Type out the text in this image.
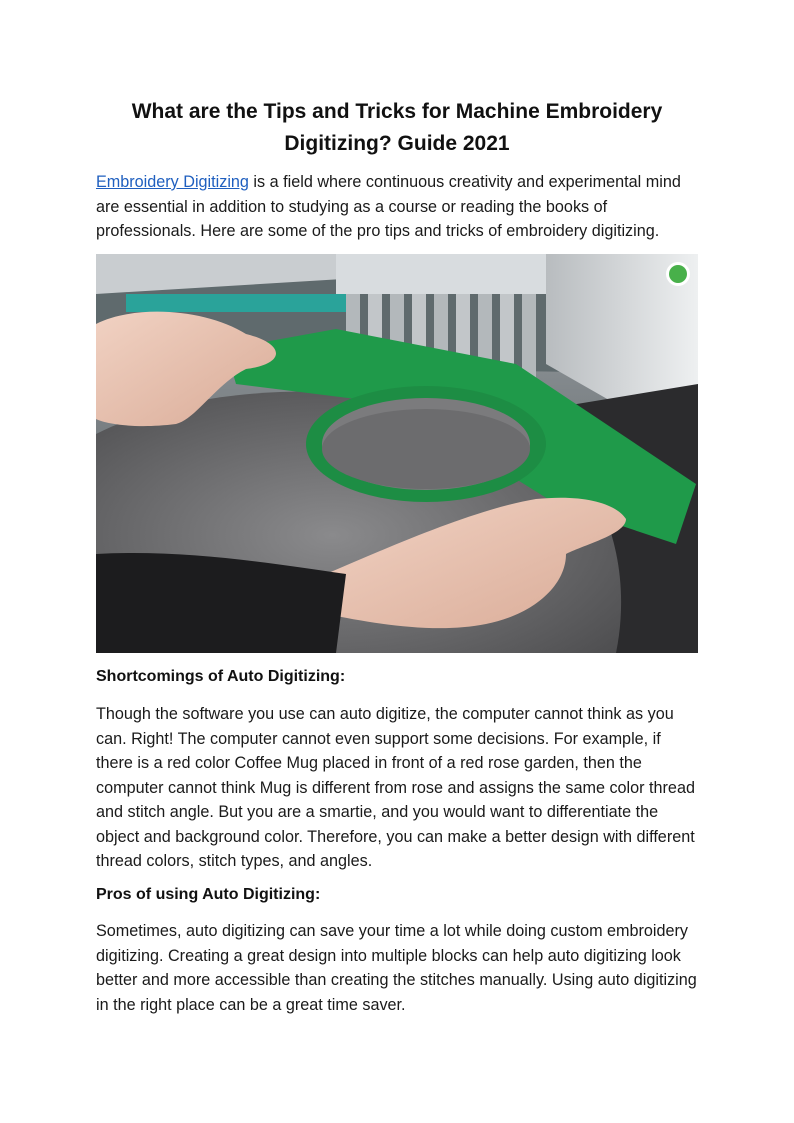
What are the Tips and Tricks for Machine Embroidery
Digitizing? Guide 2021

Embroidery Digitizing is a field where continuous creativity and experimental mind are essential in addition to studying as a course or reading the books of professionals. Here are some of the pro tips and tricks of embroidery digitizing.

Shortcomings of Auto Digitizing:

Though the software you use can auto digitize, the computer cannot think as you can. Right! The computer cannot even support some decisions. For example, if there is a red color Coffee Mug placed in front of a red rose garden, then the computer cannot think Mug is different from rose and assigns the same color thread and stitch angle. But you are a smartie, and you would want to differentiate the object and background color. Therefore, you can make a better design with different thread colors, stitch types, and angles.

Pros of using Auto Digitizing:

Sometimes, auto digitizing can save your time a lot while doing custom embroidery digitizing. Creating a great design into multiple blocks can help auto digitizing look better and more accessible than creating the stitches manually. Using auto digitizing in the right place can be a great time saver.
